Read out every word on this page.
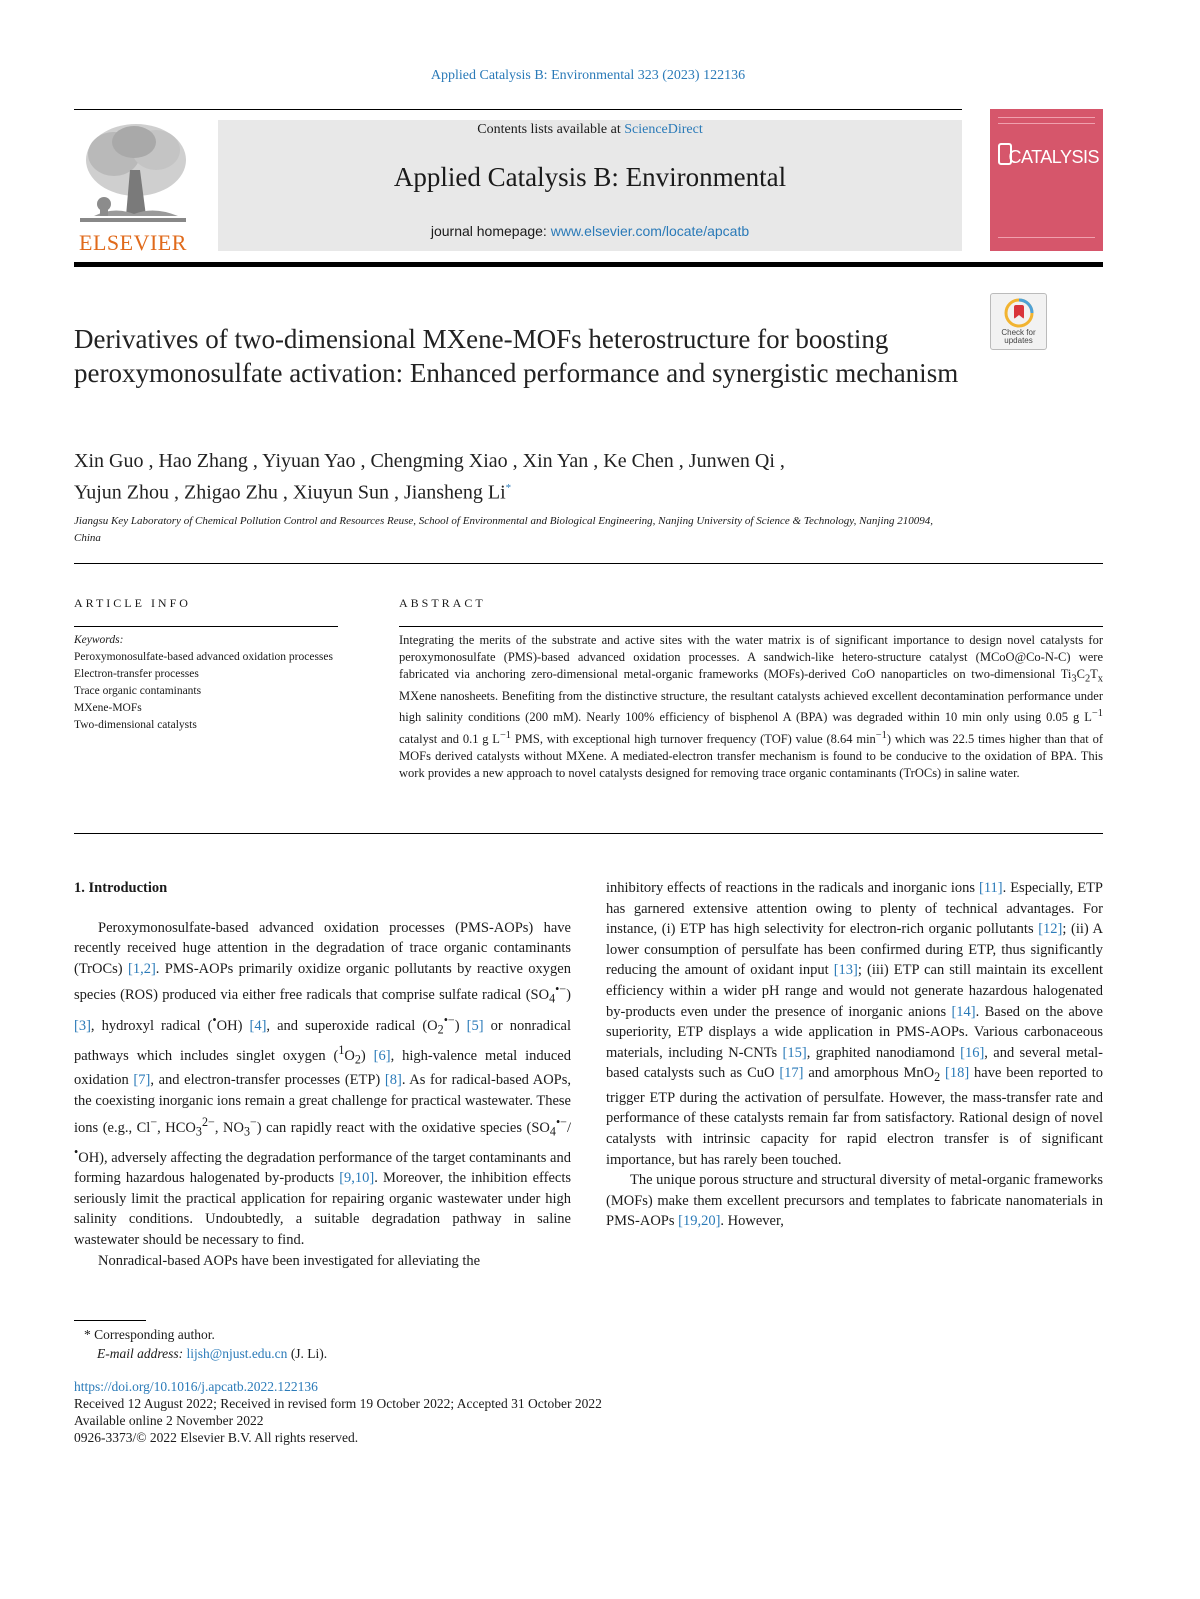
Applied Catalysis B: Environmental 323 (2023) 122136
ELSEVIER
Contents lists available at ScienceDirect
Applied Catalysis B: Environmental
journal homepage: www.elsevier.com/locate/apcatb
CATALYSIS
Derivatives of two-dimensional MXene-MOFs heterostructure for boosting peroxymonosulfate activation: Enhanced performance and synergistic mechanism
Check for updates
Xin Guo , Hao Zhang , Yiyuan Yao , Chengming Xiao , Xin Yan , Ke Chen , Junwen Qi ,
Yujun Zhou , Zhigao Zhu , Xiuyun Sun , Jiansheng Li*
Jiangsu Key Laboratory of Chemical Pollution Control and Resources Reuse, School of Environmental and Biological Engineering, Nanjing University of Science & Technology, Nanjing 210094, China
ARTICLE INFO	ABSTRACT
Keywords:
Peroxymonosulfate-based advanced oxidation processes
Electron-transfer processes
Trace organic contaminants
MXene-MOFs
Two-dimensional catalysts
Integrating the merits of the substrate and active sites with the water matrix is of significant importance to design novel catalysts for peroxymonosulfate (PMS)-based advanced oxidation processes. A sandwich-like hetero-structure catalyst (MCoO@Co-N-C) were fabricated via anchoring zero-dimensional metal-organic frameworks (MOFs)-derived CoO nanoparticles on two-dimensional $Ti_3C_2T_x$ MXene nanosheets. Benefiting from the distinctive structure, the resultant catalysts achieved excellent decontamination performance under high salinity conditions (200 mM). Nearly 100% efficiency of bisphenol A (BPA) was degraded within 10 min only using 0.05 g $L^{-1}$ catalyst and 0.1 g $L^{-1}$ PMS, with exceptional high turnover frequency (TOF) value (8.64 $\min^{-1}$) which was 22.5 times higher than that of MOFs derived catalysts without MXene. A mediated-electron transfer mechanism is found to be conducive to the oxidation of BPA. This work provides a new approach to novel catalysts designed for removing trace organic contaminants (TrOCs) in saline water.
1. Introduction

Peroxymonosulfate-based advanced oxidation processes (PMS-AOPs) have recently received huge attention in the degradation of trace organic contaminants (TrOCs) [1,2]. PMS-AOPs primarily oxidize organic pollutants by reactive oxygen species (ROS) produced via either free radicals that comprise sulfate radical $(SO_4^{•-})$ [3], hydroxyl radical (•OH) [4], and superoxide radical $(O_2^{•-})$ [5] or nonradical pathways which includes singlet oxygen $(^1O_2)$ [6], high-valence metal induced oxidation [7], and electron-transfer processes (ETP) [8]. As for radical-based AOPs, the coexisting inorganic ions remain a great challenge for practical wastewater. These ions (e.g., Cl−, $HCO_3^{2-}$, $NO_3^-$) can rapidly react with the oxidative species $(SO_4^{•-}/^•OH)$, adversely affecting the degradation performance of the target contaminants and forming hazardous halogenated by-products [9,10]. Moreover, the inhibition effects seriously limit the practical application for repairing organic wastewater under high salinity conditions. Undoubtedly, a suitable degradation pathway in saline wastewater should be necessary to find.

Nonradical-based AOPs have been investigated for alleviating the

inhibitory effects of reactions in the radicals and inorganic ions [11]. Especially, ETP has garnered extensive attention owing to plenty of technical advantages. For instance, (i) ETP has high selectivity for electron-rich organic pollutants [12]; (ii) A lower consumption of persulfate has been confirmed during ETP, thus significantly reducing the amount of oxidant input [13]; (iii) ETP can still maintain its excellent efficiency within a wider pH range and would not generate hazardous halogenated by-products even under the presence of inorganic anions [14]. Based on the above superiority, ETP displays a wide application in PMS-AOPs. Various carbonaceous materials, including N-CNTs [15], graphited nanodiamond [16], and several metal-based catalysts such as CuO [17] and amorphous MnO$_2$ [18] have been reported to trigger ETP during the activation of persulfate. However, the mass-transfer rate and performance of these catalysts remain far from satisfactory. Rational design of novel catalysts with intrinsic capacity for rapid electron transfer is of significant importance, but has rarely been touched.

The unique porous structure and structural diversity of metal-organic frameworks (MOFs) make them excellent precursors and templates to fabricate nanomaterials in PMS-AOPs [19,20]. However,

* Corresponding author.
E-mail address: lijsh@njust.edu.cn (J. Li).
https://doi.org/10.1016/j.apcatb.2022.122136
Received 12 August 2022; Received in revised form 19 October 2022; Accepted 31 October 2022
Available online 2 November 2022
0926-3373/© 2022 Elsevier B.V. All rights reserved.
